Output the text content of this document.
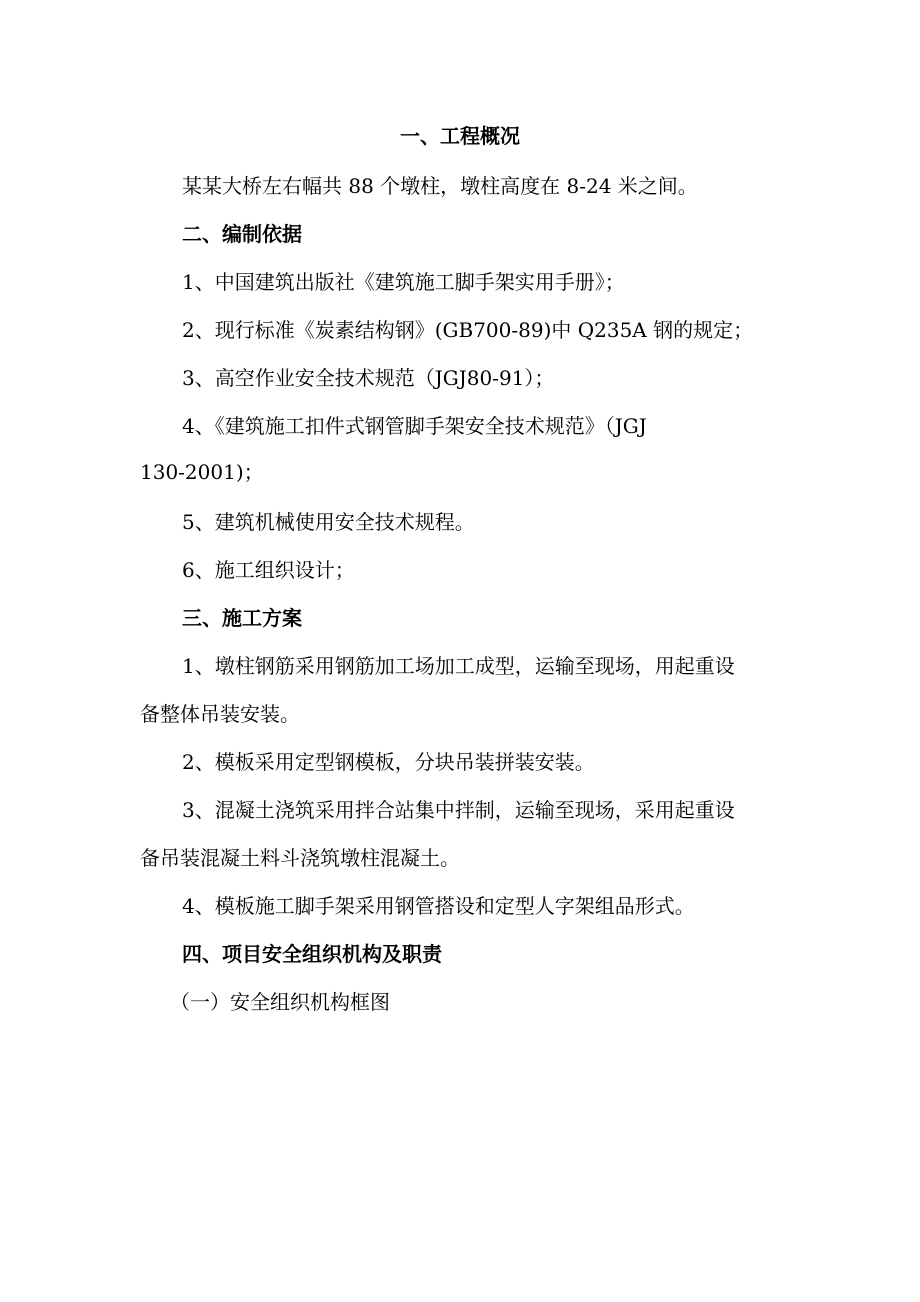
一、工程概况
某某大桥左右幅共 88 个墩柱，墩柱高度在 8-24 米之间。
二、编制依据
1、中国建筑出版社《建筑施工脚手架实用手册》；
2、现行标准《炭素结构钢》(GB700-89)中 Q235A 钢的规定；
3、高空作业安全技术规范（JGJ80-91）；
4、《建筑施工扣件式钢管脚手架安全技术规范》（JGJ
130-2001)；
5、建筑机械使用安全技术规程。
6、施工组织设计；
三、施工方案
1、墩柱钢筋采用钢筋加工场加工成型，运输至现场，用起重设
备整体吊装安装。
2、模板采用定型钢模板，分块吊装拼装安装。
3、混凝土浇筑采用拌合站集中拌制，运输至现场，采用起重设
备吊装混凝土料斗浇筑墩柱混凝土。
4、模板施工脚手架采用钢管搭设和定型人字架组品形式。
四、项目安全组织机构及职责
（一）安全组织机构框图
